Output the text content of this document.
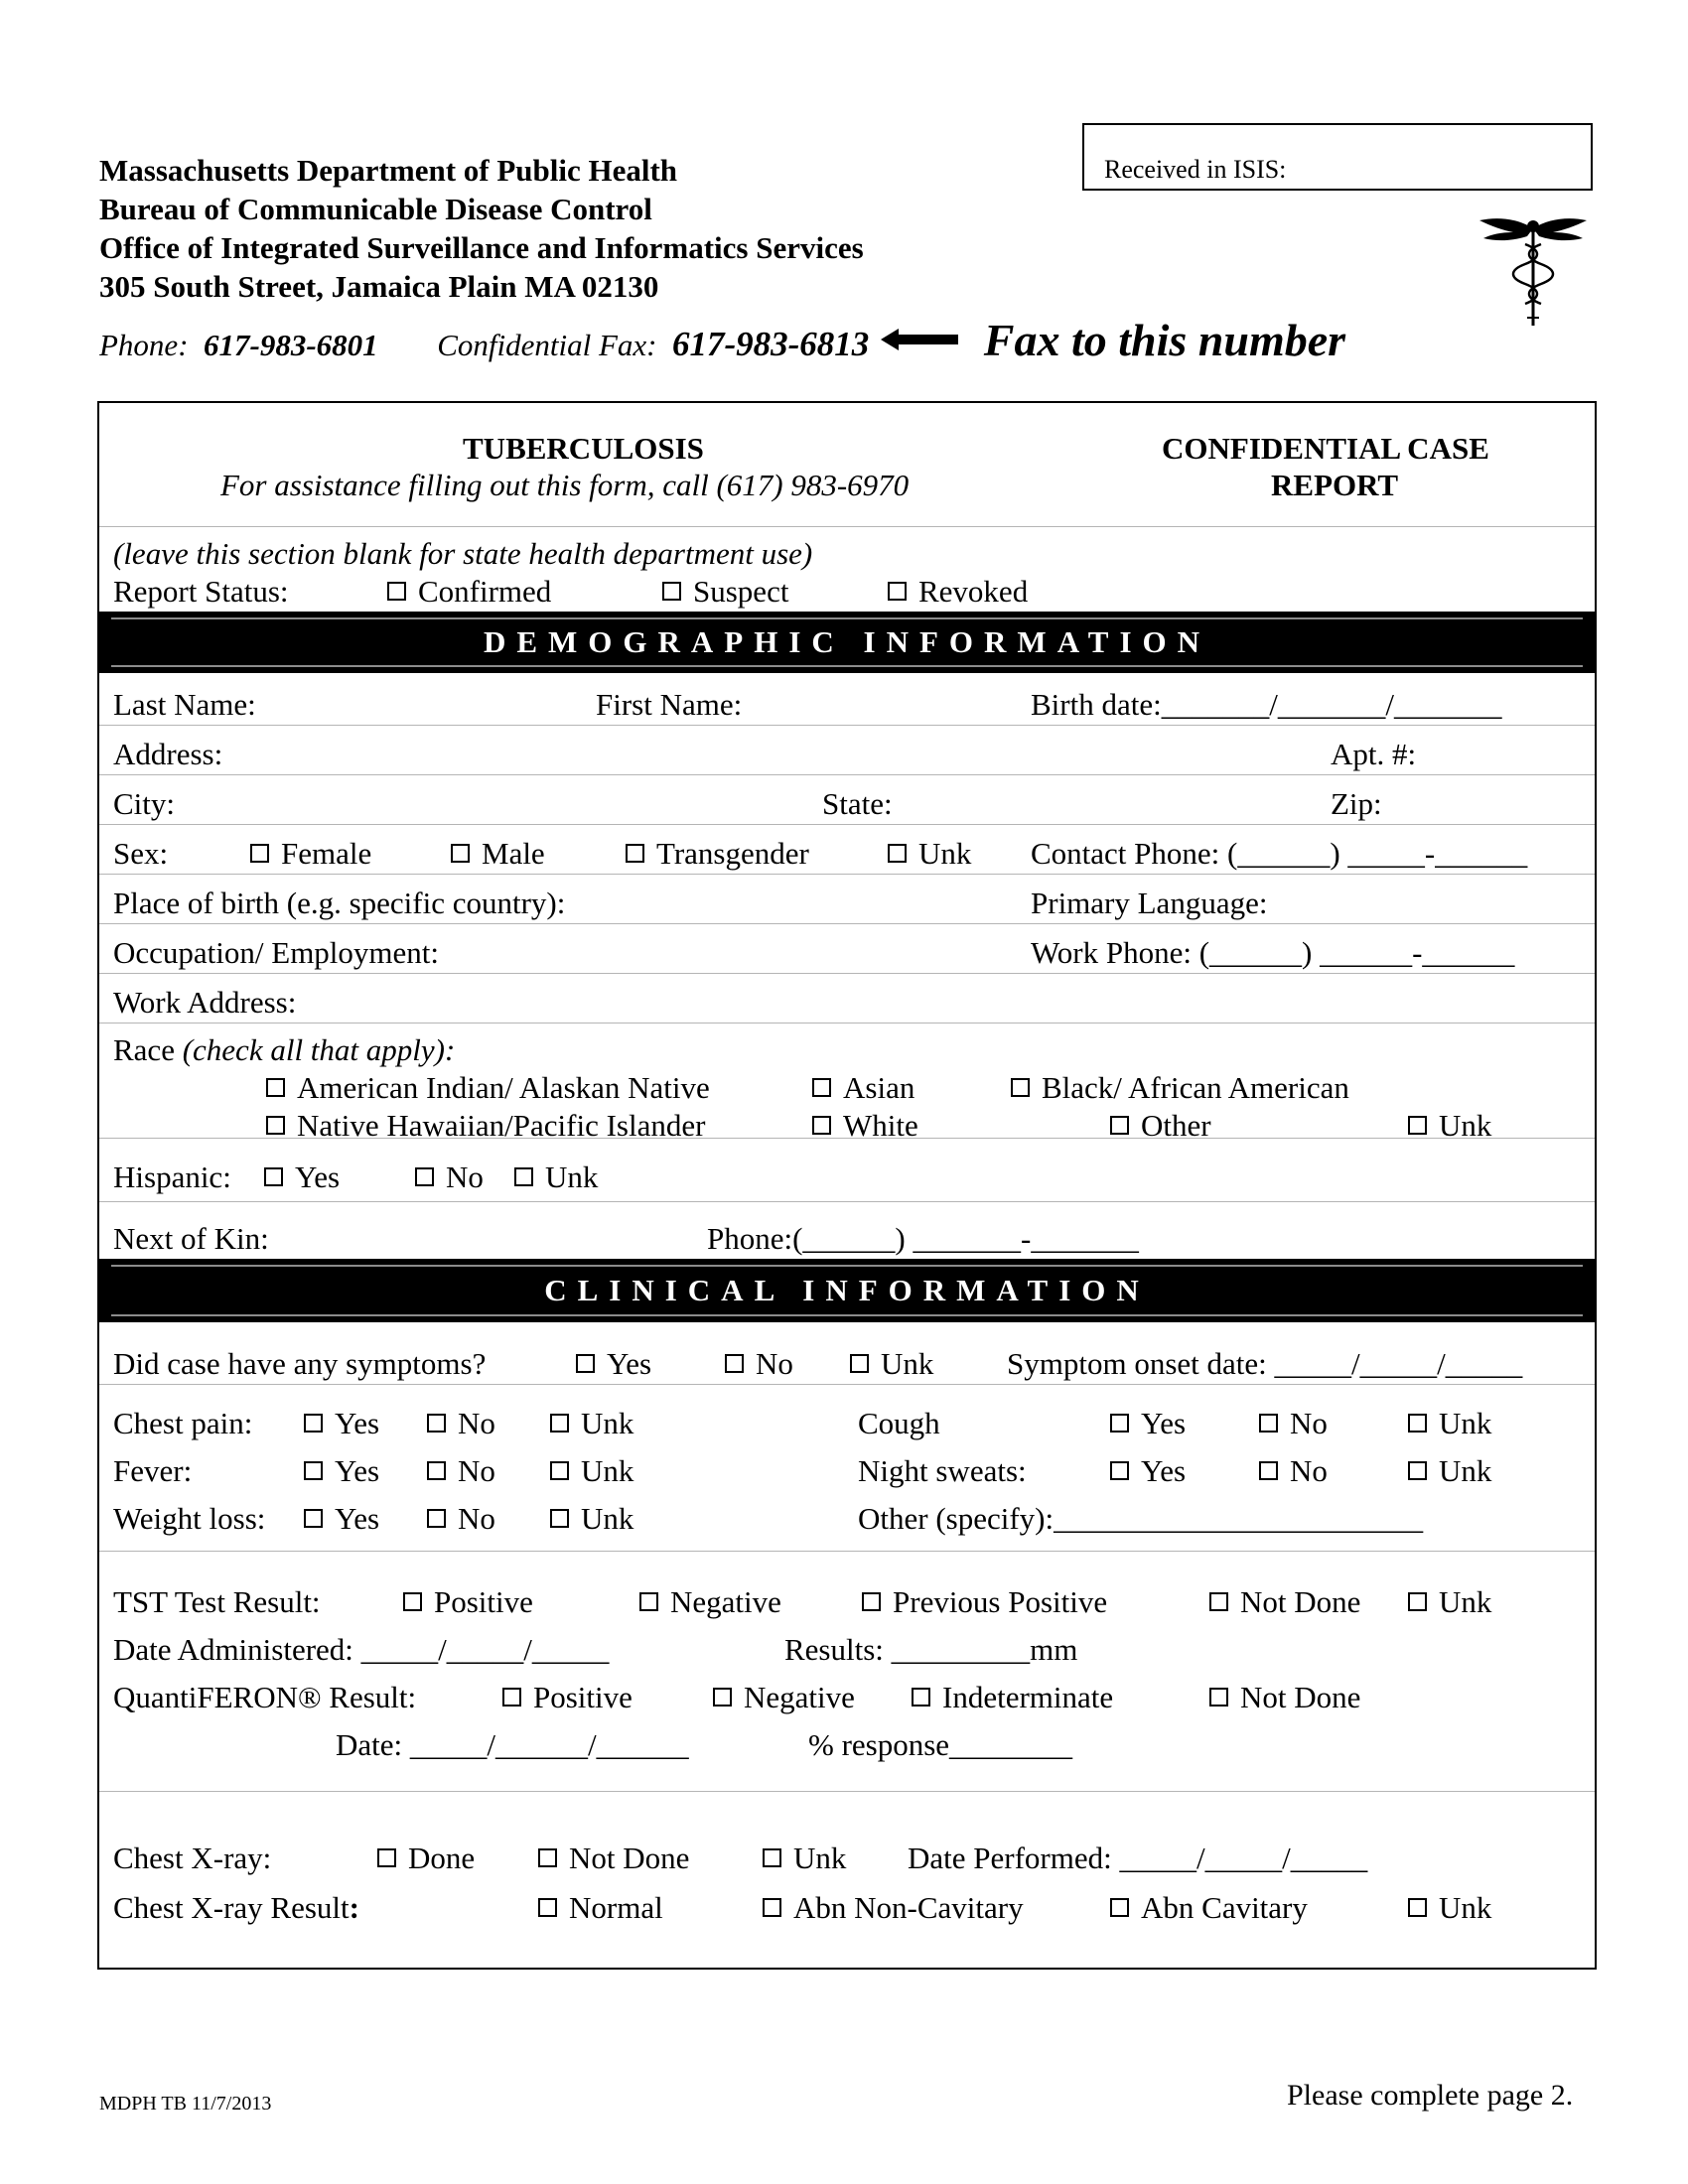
Massachusetts Department of Public Health
Bureau of Communicable Disease Control
Office of Integrated Surveillance and Informatics Services
305 South Street, Jamaica Plain MA 02130
Phone: 617-983-6801 Confidential Fax: 617-983-6813	Fax to this number
Received in ISIS:
TUBERCULOSIS
For assistance filling out this form, call (617) 983-6970
CONFIDENTIAL CASE
REPORT
(leave this section blank for state health department use)
Report Status:	Confirmed	Suspect	Revoked
DEMOGRAPHIC INFORMATION
Last Name:	First Name:	Birth date:_______/_______/_______
Address:	Apt. #:
City:	State:	Zip:
Sex:	Female	Male	Transgender	Unk Contact Phone: (______) _____-______
Place of birth (e.g. specific country):	Primary Language:
Occupation/ Employment:	Work Phone: (______) ______-______
Work Address:
Race (check all that apply):
American Indian/ Alaskan Native	Asian	Black/ African American
Native Hawaiian/Pacific Islander	White	Other	Unk
Hispanic:	Yes	No	Unk
Next of Kin:	Phone:(______) _______-_______
CLINICAL INFORMATION
Did case have any symptoms?	Yes	No	Unk Symptom onset date: _____/_____/_____
Chest pain:	Yes	No	Unk	Cough	Yes	No	Unk
Fever:	Yes	No	Unk	Night sweats:	Yes	No	Unk
Weight loss:	Yes	No	Unk	Other (specify):________________________
TST Test Result:	Positive	Negative	Previous Positive	Not Done	Unk
Date Administered: _____/_____/_____	Results: _________mm
QuantiFERON® Result:	Positive	Negative	Indeterminate	Not Done
Date: _____/______/______	% response________
Chest X-ray:	Done	Not Done	Unk Date Performed: _____/_____/_____
Chest X-ray Result:	Normal	Abn Non-Cavitary	Abn Cavitary	Unk
MDPH TB 11/7/2013	Please complete page 2.
